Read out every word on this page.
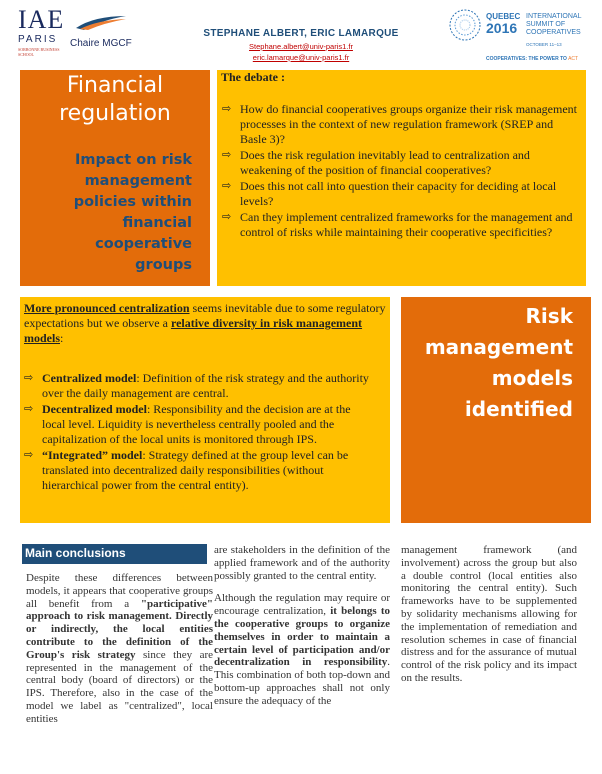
IAE
PARIS
SORBONNE BUSINESS SCHOOL
Chaire MGCF
STEPHANE ALBERT, ERIC LAMARQUE
Stephane.albert@univ-paris1.fr
eric.lamarque@univ-paris1.fr
QUEBEC
2016
INTERNATIONAL SUMMIT OF COOPERATIVES
OCTOBER 11–13
COOPERATIVES: THE POWER TO ACT
Financial regulation
Impact on risk management policies within financial cooperative groups
The debate :
⇨ How do financial cooperatives groups organize their risk management processes in the context of new regulation framework (SREP and Basle 3)?
⇨ Does the risk regulation inevitably lead to centralization and weakening of the position of financial cooperatives?
⇨ Does this not call into question their capacity for deciding at local levels?
⇨ Can they implement centralized frameworks for the management and control of risks while maintaining their cooperative specificities?
More pronounced centralization seems inevitable due to some regulatory expectations but we observe a relative diversity in risk management models:
⇨ Centralized model: Definition of the risk strategy and the authority over the daily management are central.
⇨ Decentralized model: Responsibility and the decision are at the local level. Liquidity is nevertheless centrally pooled and the capitalization of the local units is monitored through IPS.
⇨ “Integrated” model: Strategy defined at the group level can be translated into decentralized daily responsibilities (without hierarchical power from the central entity).
Risk management models identified
Main conclusions

Despite these differences between models, it appears that cooperative groups all benefit from a "participative" approach to risk management. Directly or indirectly, the local entities contribute to the definition of the Group's risk strategy since they are represented in the management of the central body (board of directors) or the IPS. Therefore, also in the case of the model we label as "centralized", local entities

are stakeholders in the definition of the applied framework and of the authority possibly granted to the central entity.

Although the regulation may require or encourage centralization, it belongs to the cooperative groups to organize themselves in order to maintain a certain level of participation and/or decentralization in responsibility. This combination of both top-down and bottom-up approaches shall not only ensure the adequacy of the

management framework (and involvement) across the group but also a double control (local entities also monitoring the central entity). Such frameworks have to be supplemented by solidarity mechanisms allowing for the implementation of remediation and resolution schemes in case of financial distress and for the assurance of mutual control of the risk policy and its impact on the results.
